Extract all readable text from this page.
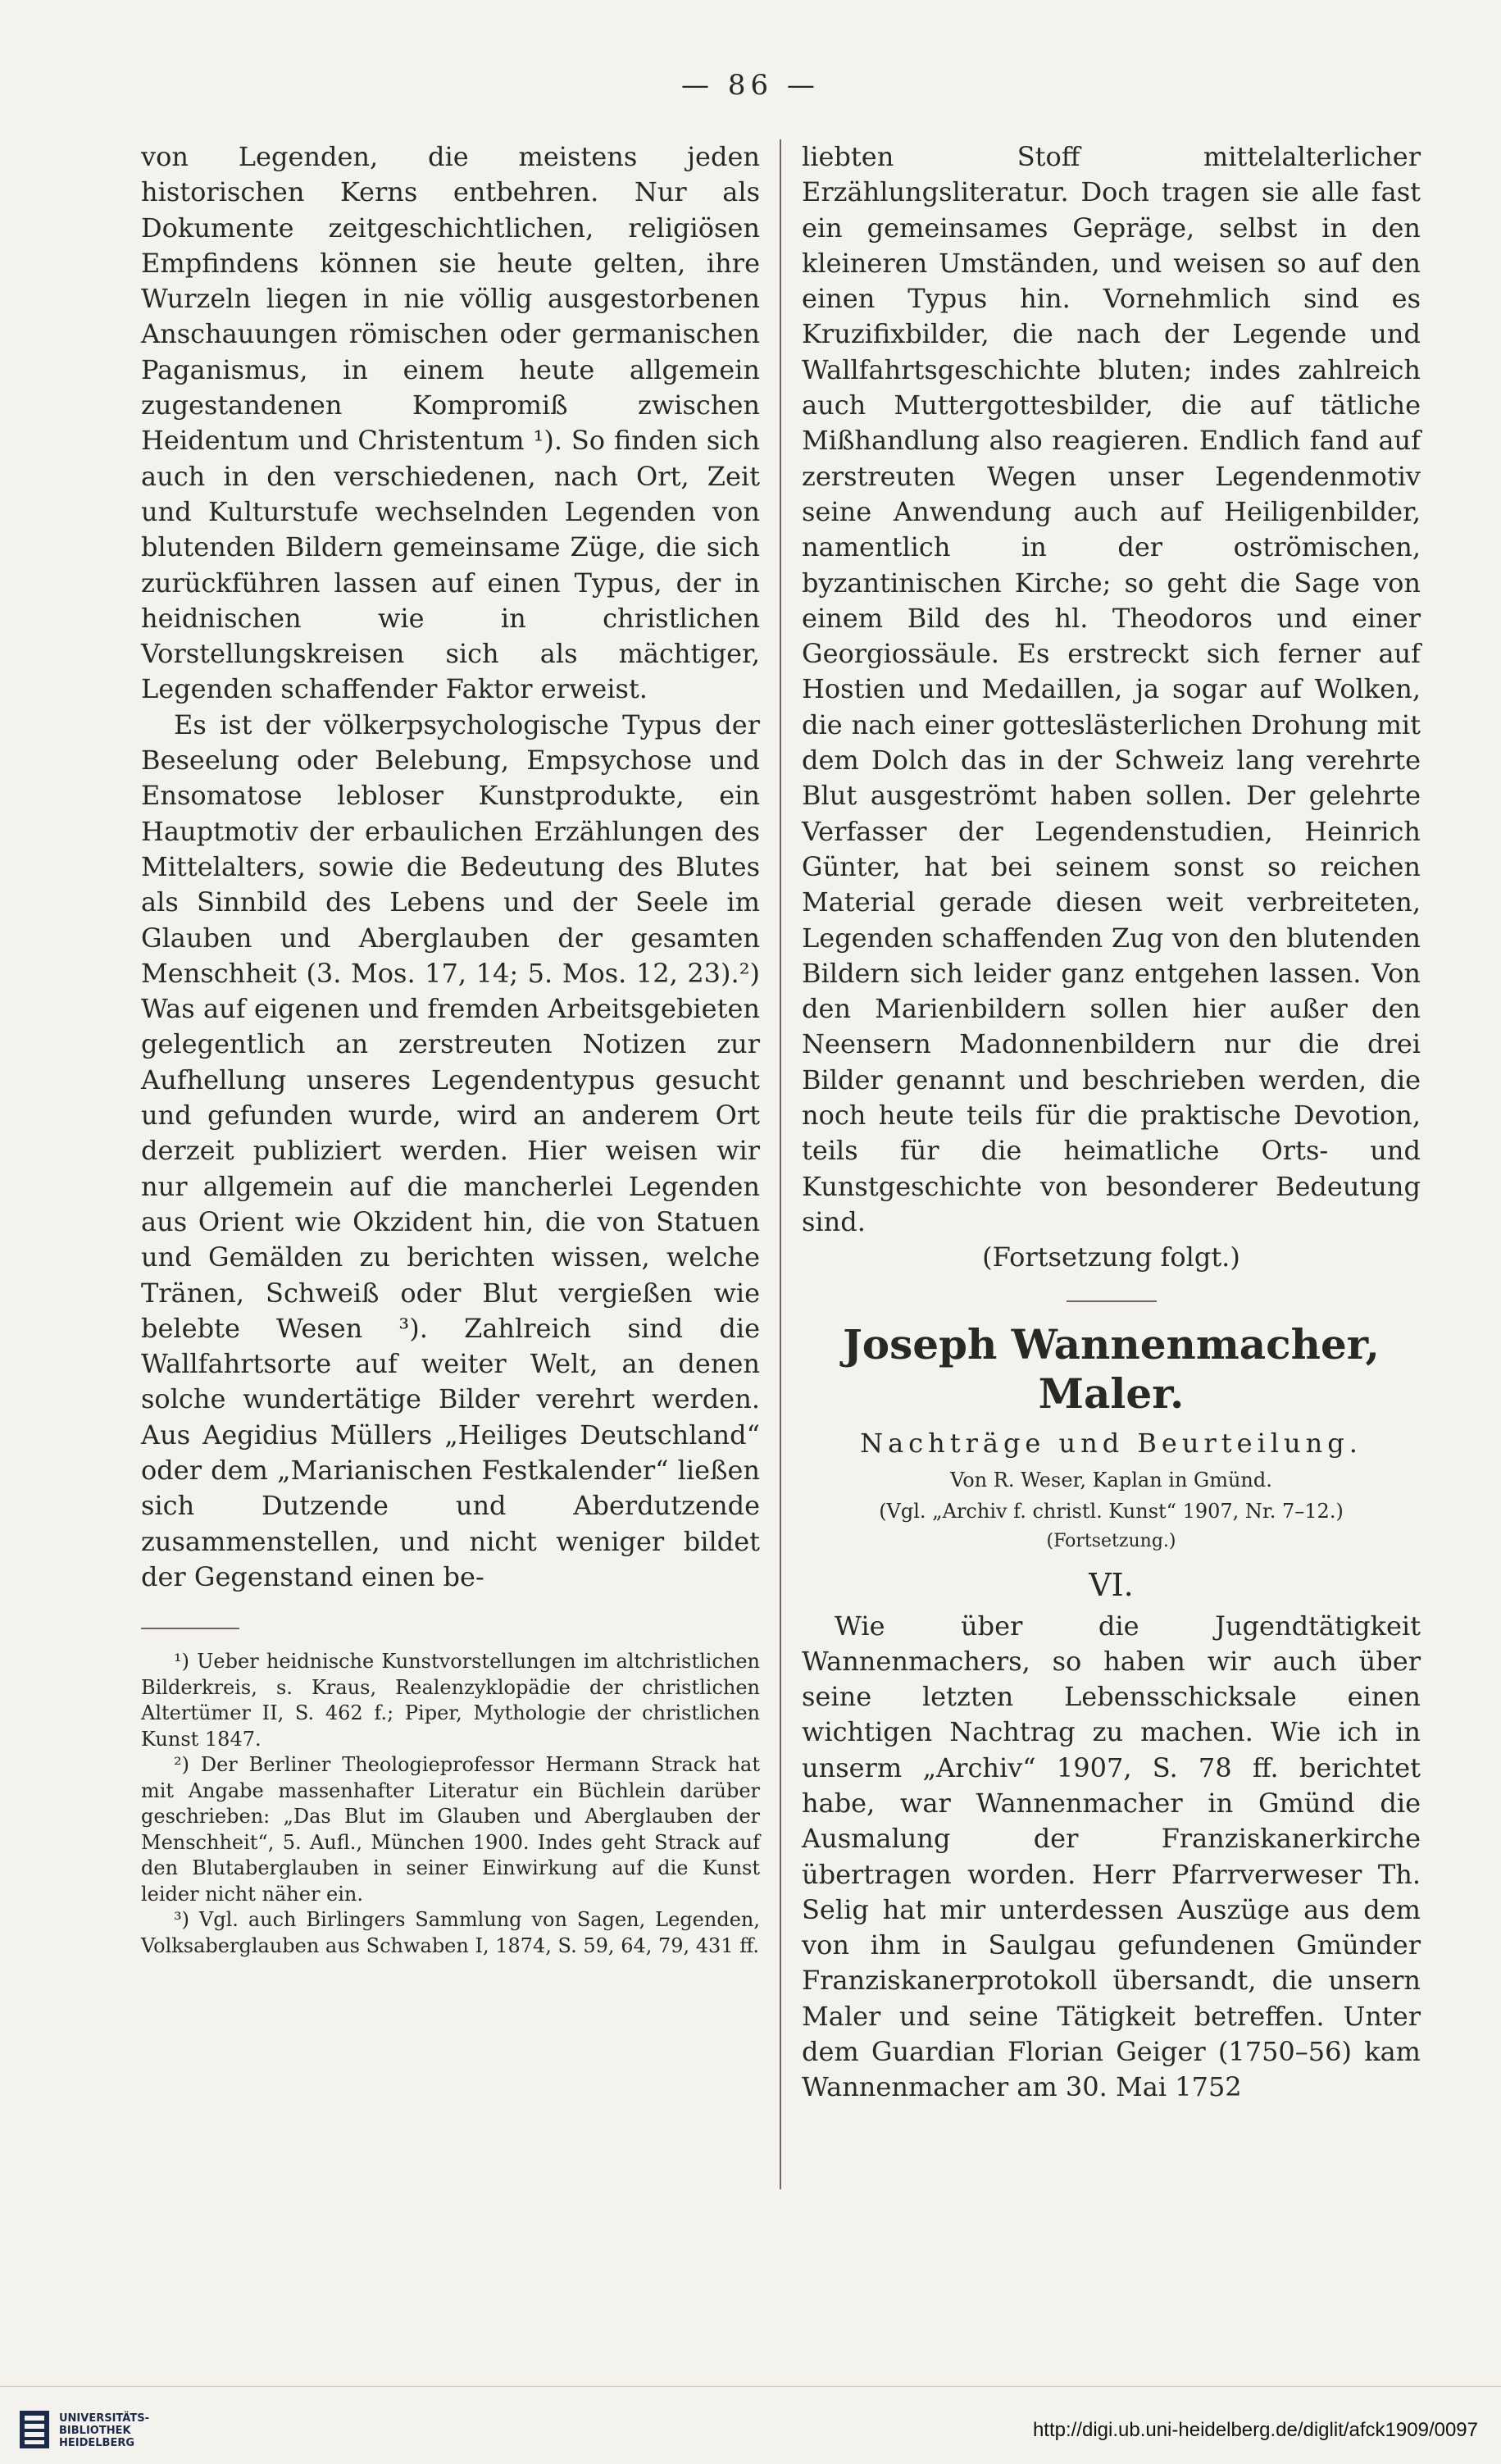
— 86 —

von Legenden, die meistens jeden historischen Kerns entbehren. Nur als Dokumente zeitgeschichtlichen, religiösen Empfindens können sie heute gelten, ihre Wurzeln liegen in nie völlig ausgestorbenen Anschauungen römischen oder germanischen Paganismus, in einem heute allgemein zugestandenen Kompromiß zwischen Heidentum und Christentum ¹). So finden sich auch in den verschiedenen, nach Ort, Zeit und Kulturstufe wechselnden Legenden von blutenden Bildern gemeinsame Züge, die sich zurückführen lassen auf einen Typus, der in heidnischen wie in christlichen Vorstellungskreisen sich als mächtiger, Legenden schaffender Faktor erweist.

Es ist der völkerpsychologische Typus der Beseelung oder Belebung, Empsychose und Ensomatose lebloser Kunstprodukte, ein Hauptmotiv der erbaulichen Erzählungen des Mittelalters, sowie die Bedeutung des Blutes als Sinnbild des Lebens und der Seele im Glauben und Aberglauben der gesamten Menschheit (3. Mos. 17, 14; 5. Mos. 12, 23).²) Was auf eigenen und fremden Arbeitsgebieten gelegentlich an zerstreuten Notizen zur Aufhellung unseres Legendentypus gesucht und gefunden wurde, wird an anderem Ort derzeit publiziert werden. Hier weisen wir nur allgemein auf die mancherlei Legenden aus Orient wie Okzident hin, die von Statuen und Gemälden zu berichten wissen, welche Tränen, Schweiß oder Blut vergießen wie belebte Wesen ³). Zahlreich sind die Wallfahrtsorte auf weiter Welt, an denen solche wundertätige Bilder verehrt werden. Aus Aegidius Müllers „Heiliges Deutschland“ oder dem „Marianischen Festkalender“ ließen sich Dutzende und Aberdutzende zusammenstellen, und nicht weniger bildet der Gegenstand einen be-

¹) Ueber heidnische Kunstvorstellungen im altchristlichen Bilderkreis, s. Kraus, Realenzyklopädie der christlichen Altertümer II, S. 462 f.; Piper, Mythologie der christlichen Kunst 1847.

²) Der Berliner Theologieprofessor Hermann Strack hat mit Angabe massenhafter Literatur ein Büchlein darüber geschrieben: „Das Blut im Glauben und Aberglauben der Menschheit“, 5. Aufl., München 1900. Indes geht Strack auf den Blutaberglauben in seiner Einwirkung auf die Kunst leider nicht näher ein.

³) Vgl. auch Birlingers Sammlung von Sagen, Legenden, Volksaberglauben aus Schwaben I, 1874, S. 59, 64, 79, 431 ff.

liebten Stoff mittelalterlicher Erzählungsliteratur. Doch tragen sie alle fast ein gemeinsames Gepräge, selbst in den kleineren Umständen, und weisen so auf den einen Typus hin. Vornehmlich sind es Kruzifixbilder, die nach der Legende und Wallfahrtsgeschichte bluten; indes zahlreich auch Muttergottesbilder, die auf tätliche Mißhandlung also reagieren. Endlich fand auf zerstreuten Wegen unser Legendenmotiv seine Anwendung auch auf Heiligenbilder, namentlich in der oströmischen, byzantinischen Kirche; so geht die Sage von einem Bild des hl. Theodoros und einer Georgiossäule. Es erstreckt sich ferner auf Hostien und Medaillen, ja sogar auf Wolken, die nach einer gotteslästerlichen Drohung mit dem Dolch das in der Schweiz lang verehrte Blut ausgeströmt haben sollen. Der gelehrte Verfasser der Legendenstudien, Heinrich Günter, hat bei seinem sonst so reichen Material gerade diesen weit verbreiteten, Legenden schaffenden Zug von den blutenden Bildern sich leider ganz entgehen lassen. Von den Marienbildern sollen hier außer den Neensern Madonnenbildern nur die drei Bilder genannt und beschrieben werden, die noch heute teils für die praktische Devotion, teils für die heimatliche Orts- und Kunstgeschichte von besonderer Bedeutung sind.

(Fortsetzung folgt.)

Joseph Wannenmacher, Maler.

Nachträge und Beurteilung.

Von R. Weser, Kaplan in Gmünd.

(Vgl. „Archiv f. christl. Kunst“ 1907, Nr. 7–12.)

(Fortsetzung.)

VI.

Wie über die Jugendtätigkeit Wannenmachers, so haben wir auch über seine letzten Lebensschicksale einen wichtigen Nachtrag zu machen. Wie ich in unserm „Archiv“ 1907, S. 78 ff. berichtet habe, war Wannenmacher in Gmünd die Ausmalung der Franziskanerkirche übertragen worden. Herr Pfarrverweser Th. Selig hat mir unterdessen Auszüge aus dem von ihm in Saulgau gefundenen Gmünder Franziskanerprotokoll übersandt, die unsern Maler und seine Tätigkeit betreffen. Unter dem Guardian Florian Geiger (1750–56) kam Wannenmacher am 30. Mai 1752

UNIVERSITÄTS-
BIBLIOTHEK
HEIDELBERG
http://digi.ub.uni-heidelberg.de/diglit/afck1909/0097
